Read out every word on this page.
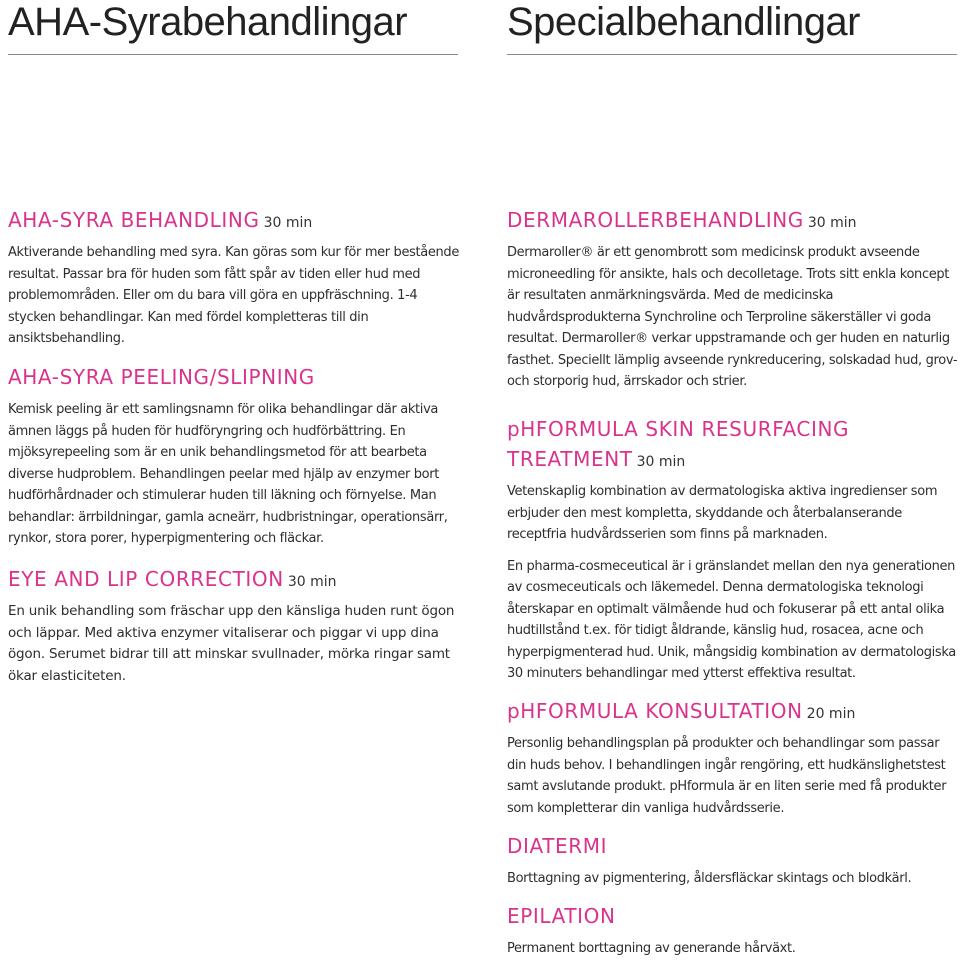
AHA-Syrabehandlingar
AHA-SYRA BEHANDLING 30 min

Aktiverande behandling med syra. Kan göras som kur för mer bestående resultat. Passar bra för huden som fått spår av tiden eller hud med problemområden. Eller om du bara vill göra en uppfräschning. 1-4 stycken behandlingar. Kan med fördel kompletteras till din ansiktsbehandling.

AHA-SYRA PEELING/SLIPNING

Kemisk peeling är ett samlingsnamn för olika behandlingar där aktiva ämnen läggs på huden för hudföryngring och hudförbättring. En mjöksyrepeeling som är en unik behandlingsmetod för att bearbeta diverse hudproblem. Behandlingen peelar med hjälp av enzymer bort hudförhårdnader och stimulerar huden till läkning och förnyelse. Man behandlar: ärrbildningar, gamla acneärr, hudbristningar, operationsärr, rynkor, stora porer, hyperpigmentering och fläckar.

EYE AND LIP CORRECTION 30 min

En unik behandling som fräschar upp den känsliga huden runt ögon och läppar. Med aktiva enzymer vitaliserar och piggar vi upp dina ögon. Serumet bidrar till att minskar svullnader, mörka ringar samt ökar elasticiteten.

Specialbehandlingar
DERMAROLLERBEHANDLING 30 min

Dermaroller® är ett genombrott som medicinsk produkt avseende microneedling för ansikte, hals och decolletage. Trots sitt enkla koncept är resultaten anmärkningsvärda. Med de medicinska hudvårdsprodukterna Synchroline och Terproline säkerställer vi goda resultat. Dermaroller® verkar uppstramande och ger huden en naturlig fasthet. Speciellt lämplig avseende rynkreducering, solskadad hud, grov-och storporig hud, ärrskador och strier.

pHFORMULA SKIN RESURFACING TREATMENT 30 min

Vetenskaplig kombination av dermatologiska aktiva ingredienser som erbjuder den mest kompletta, skyddande och återbalanserande receptfria hudvårdsserien som finns på marknaden.

En pharma-cosmeceutical är i gränslandet mellan den nya generationen av cosmeceuticals och läkemedel. Denna dermatologiska teknologi återskapar en optimalt välmående hud och fokuserar på ett antal olika hudtillstånd t.ex. för tidigt åldrande, känslig hud, rosacea, acne och hyperpigmenterad hud. Unik, mångsidig kombination av dermatologiska 30 minuters behandlingar med ytterst effektiva resultat.

pHFORMULA KONSULTATION 20 min

Personlig behandlingsplan på produkter och behandlingar som passar din huds behov. I behandlingen ingår rengöring, ett hudkänslighetstest samt avslutande produkt. pHformula är en liten serie med få produkter som kompletterar din vanliga hudvårdsserie.

DIATERMI

Borttagning av pigmentering, åldersfläckar skintags och blodkärl.

EPILATION

Permanent borttagning av generande hårväxt.
